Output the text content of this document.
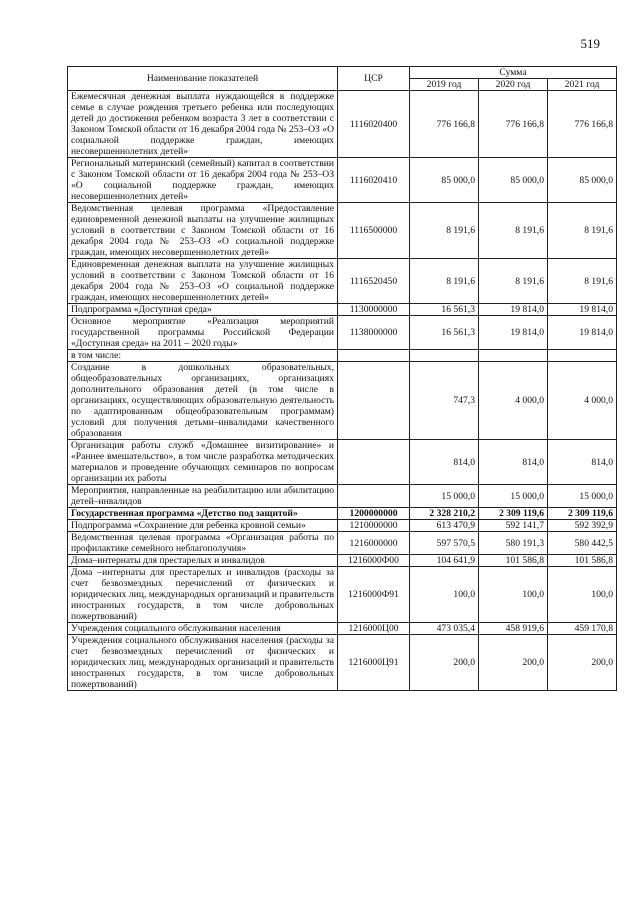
519
Наименование показателей	ЦСР	Сумма		
		2019 год	2020 год	2021 год
Ежемесячная денежная выплата нуждающейся в поддержке семье в случае рождения третьего ребенка или последующих детей до достижения ребенком возраста 3 лет в соответствии с Законом Томской области от 16 декабря 2004 года № 253–ОЗ «О социальной поддержке граждан, имеющих несовершеннолетних детей»	1116020400	776 166,8	776 166,8	776 166,8
Региональный материнский (семейный) капитал в соответствии с Законом Томской области от 16 декабря 2004 года № 253–ОЗ «О социальной поддержке граждан, имеющих несовершеннолетних детей»	1116020410	85 000,0	85 000,0	85 000,0
Ведомственная целевая программа «Предоставление единовременной денежной выплаты на улучшение жилищных условий в соответствии с Законом Томской области от 16 декабря 2004 года № 253–ОЗ «О социальной поддержке граждан, имеющих несовершеннолетних детей»	1116500000	8 191,6	8 191,6	8 191,6
Единовременная денежная выплата на улучшение жилищных условий в соответствии с Законом Томской области от 16 декабря 2004 года № 253–ОЗ «О социальной поддержке граждан, имеющих несовершеннолетних детей»	1116520450	8 191,6	8 191,6	8 191,6
Подпрограмма «Доступная среда»	1130000000	16 561,3	19 814,0	19 814,0
Основное мероприятие «Реализация мероприятий государственной программы Российской Федерации «Доступная среда» на 2011 – 2020 годы»	1138000000	16 561,3	19 814,0	19 814,0
в том числе:				
Создание в дошкольных образовательных, общеобразовательных организациях, организациях дополнительного образования детей (в том числе в организациях, осуществляющих образовательную деятельность по адаптированным общеобразовательным программам) условий для получения детьми–инвалидами качественного образования		747,3	4 000,0	4 000,0
Организация работы служб «Домашнее визитирование» и «Раннее вмешательство», в том числе разработка методических материалов и проведение обучающих семинаров по вопросам организации их работы		814,0	814,0	814,0
Мероприятия, направленные на реабилитацию или абилитацию детей–инвалидов		15 000,0	15 000,0	15 000,0
Государственная программа «Детство под защитой»	1200000000	2 328 210,2	2 309 119,6	2 309 119,6
Подпрограмма «Сохранение для ребенка кровной семьи»	1210000000	613 470,9	592 141,7	592 392,9
Ведомственная целевая программа «Организация работы по профилактике семейного неблагополучия»	1216000000	597 570,5	580 191,3	580 442,5
Дома–интернаты для престарелых и инвалидов	1216000Ф00	104 641,9	101 586,8	101 586,8
Дома –интернаты для престарелых и инвалидов (расходы за счет безвозмездных перечислений от физических и юридических лиц, международных организаций и правительств иностранных государств, в том числе добровольных пожертвований)	1216000Ф91	100,0	100,0	100,0
Учреждения социального обслуживания населения	1216000Ц00	473 035,4	458 919,6	459 170,8
Учреждения социального обслуживания населения (расходы за счет безвозмездных перечислений от физических и юридических лиц, международных организаций и правительств иностранных государств, в том числе добровольных пожертвований)	1216000Ц91	200,0	200,0	200,0
